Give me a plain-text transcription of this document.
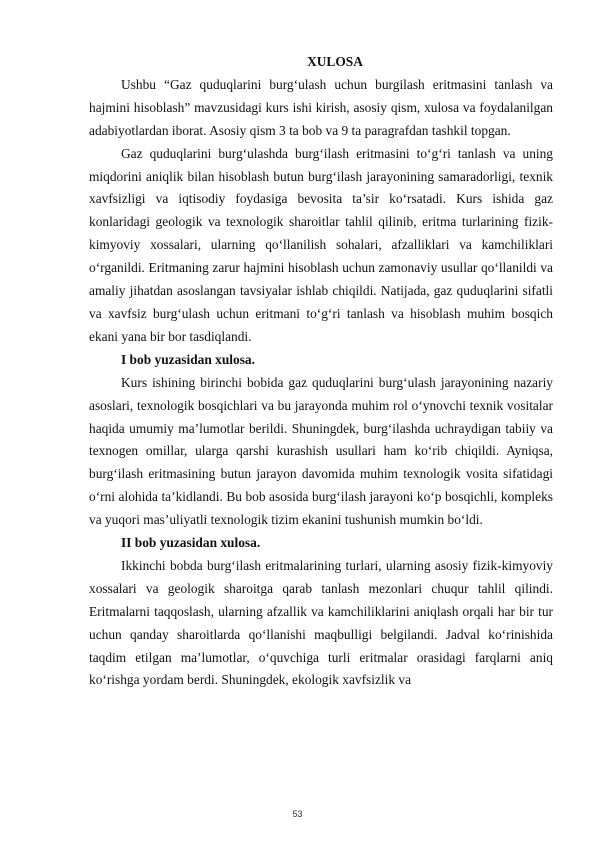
XULOSA

Ushbu “Gaz quduqlarini burg‘ulash uchun burgilash eritmasini tanlash va hajmini hisoblash” mavzusidagi kurs ishi kirish, asosiy qism, xulosa va foydalanilgan adabiyotlardan iborat. Asosiy qism 3 ta bob va 9 ta paragrafdan tashkil topgan.

Gaz quduqlarini burg‘ulashda burg‘ilash eritmasini to‘g‘ri tanlash va uning miqdorini aniqlik bilan hisoblash butun burg‘ilash jarayonining samaradorligi, texnik xavfsizligi va iqtisodiy foydasiga bevosita ta’sir ko‘rsatadi. Kurs ishida gaz konlaridagi geologik va texnologik sharoitlar tahlil qilinib, eritma turlarining fizik-kimyoviy xossalari, ularning qo‘llanilish sohalari, afzalliklari va kamchiliklari o‘rganildi. Eritmaning zarur hajmini hisoblash uchun zamonaviy usullar qo‘llanildi va amaliy jihatdan asoslangan tavsiyalar ishlab chiqildi. Natijada, gaz quduqlarini sifatli va xavfsiz burg‘ulash uchun eritmani to‘g‘ri tanlash va hisoblash muhim bosqich ekani yana bir bor tasdiqlandi.

I bob yuzasidan xulosa.

Kurs ishining birinchi bobida gaz quduqlarini burg‘ulash jarayonining nazariy asoslari, texnologik bosqichlari va bu jarayonda muhim rol o‘ynovchi texnik vositalar haqida umumiy ma’lumotlar berildi. Shuningdek, burg‘ilashda uchraydigan tabiiy va texnogen omillar, ularga qarshi kurashish usullari ham ko‘rib chiqildi. Ayniqsa, burg‘ilash eritmasining butun jarayon davomida muhim texnologik vosita sifatidagi o‘rni alohida ta’kidlandi. Bu bob asosida burg‘ilash jarayoni ko‘p bosqichli, kompleks va yuqori mas’uliyatli texnologik tizim ekanini tushunish mumkin bo‘ldi.

II bob yuzasidan xulosa.

Ikkinchi bobda burg‘ilash eritmalarining turlari, ularning asosiy fizik-kimyoviy xossalari va geologik sharoitga qarab tanlash mezonlari chuqur tahlil qilindi. Eritmalarni taqqoslash, ularning afzallik va kamchiliklarini aniqlash orqali har bir tur uchun qanday sharoitlarda qo‘llanishi maqbulligi belgilandi. Jadval ko‘rinishida taqdim etilgan ma’lumotlar, o‘quvchiga turli eritmalar orasidagi farqlarni aniq ko‘rishga yordam berdi. Shuningdek, ekologik xavfsizlik va

53
